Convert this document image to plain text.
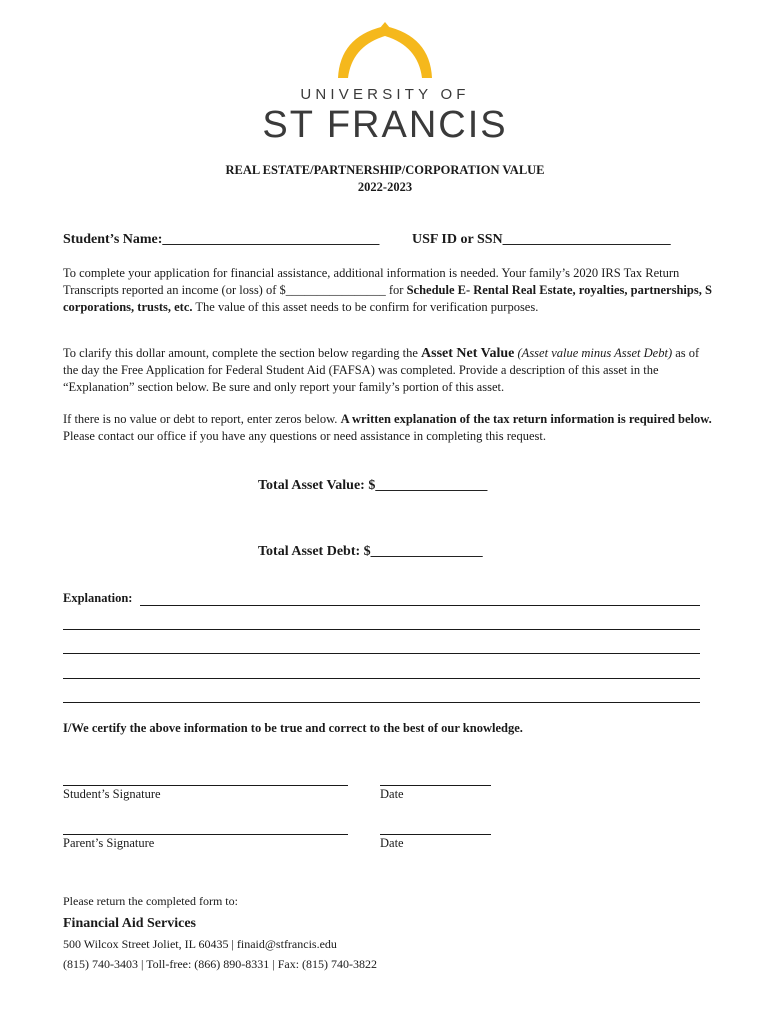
UNIVERSITY OF
ST FRANCIS
REAL ESTATE/PARTNERSHIP/CORPORATION VALUE
2022-2023
Student’s Name:_______________________________ USF ID or SSN________________________
To complete your application for financial assistance, additional information is needed. Your family’s 2020 IRS Tax Return Transcripts reported an income (or loss) of $________________ for Schedule E- Rental Real Estate, royalties, partnerships, S corporations, trusts, etc. The value of this asset needs to be confirm for verification purposes.
To clarify this dollar amount, complete the section below regarding the Asset Net Value (Asset value minus Asset Debt) as of the day the Free Application for Federal Student Aid (FAFSA) was completed. Provide a description of this asset in the “Explanation” section below. Be sure and only report your family’s portion of this asset.
If there is no value or debt to report, enter zeros below. A written explanation of the tax return information is required below. Please contact our office if you have any questions or need assistance in completing this request.
Total Asset Value: $________________
Total Asset Debt: $________________
Explanation:
I/We certify the above information to be true and correct to the best of our knowledge.
Student’s Signature	Date
Parent’s Signature	Date
Please return the completed form to:
Financial Aid Services
500 Wilcox Street Joliet, IL 60435 | finaid@stfrancis.edu
(815) 740-3403 | Toll-free: (866) 890-8331 | Fax: (815) 740-3822
